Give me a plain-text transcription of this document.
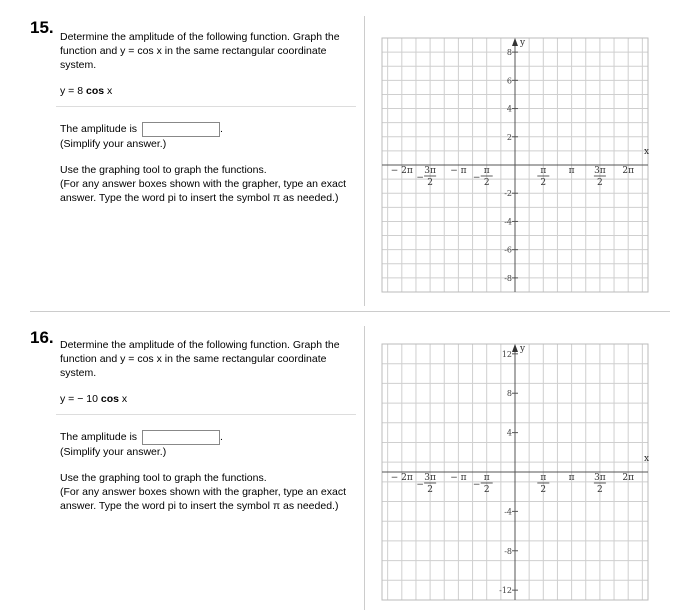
15. Determine the amplitude of the following function. Graph the function and y = cos x in the same rectangular coordinate system.

y = 8 cos x
The amplitude is	.
(Simplify your answer.)
Use the graphing tool to graph the functions.
(For any answer boxes shown with the grapher, type an exact answer. Type the word pi to insert the symbol π as needed.)
y
x
8
6
4
2
-2
-4
-6
-8
− 2π 3π
2
−
− π π
2
−
π
2
π 3π
2
2π
16. Determine the amplitude of the following function. Graph the function and y = cos x in the same rectangular coordinate system.

y = − 10 cos x
The amplitude is	.
(Simplify your answer.)
Use the graphing tool to graph the functions.
(For any answer boxes shown with the grapher, type an exact answer. Type the word pi to insert the symbol π as needed.)
y
x
12
8
4
-4
-8
-12
− 2π 3π
2
−
− π π
2
−
π
2
π 3π
2
2π
